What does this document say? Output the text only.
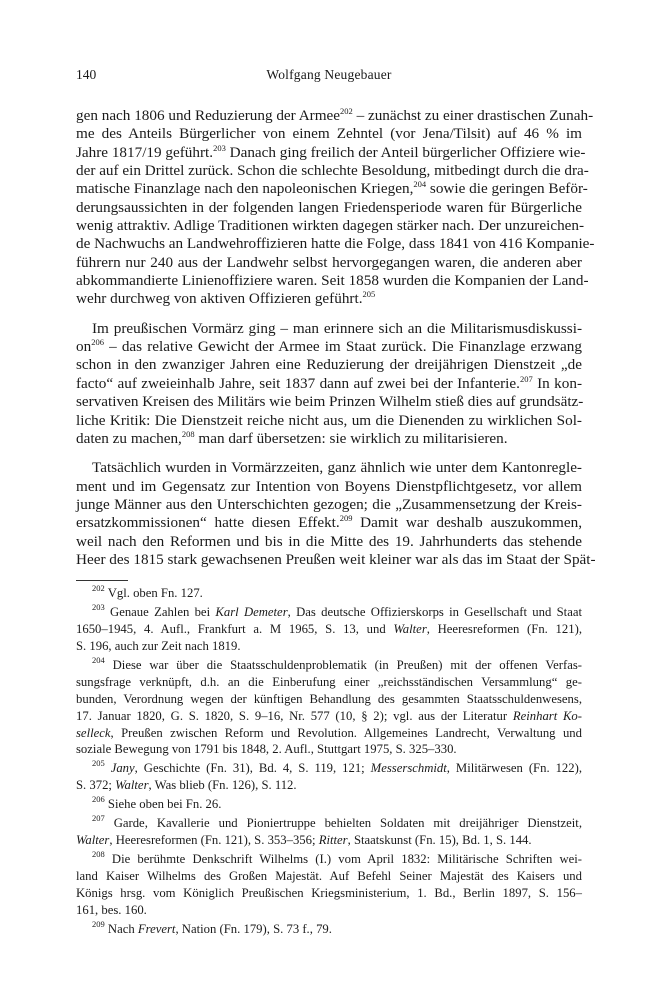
140	Wolfgang Neugebauer
gen nach 1806 und Reduzierung der Armee$^{202}$ – zunächst zu einer drastischen Zunah-
me des Anteils Bürgerlicher von einem Zehntel (vor Jena/Tilsit) auf 46 % im
Jahre 1817/19 geführt.$^{203}$ Danach ging freilich der Anteil bürgerlicher Offiziere wie-
der auf ein Drittel zurück. Schon die schlechte Besoldung, mitbedingt durch die dra-
matische Finanzlage nach den napoleonischen Kriegen,$^{204}$ sowie die geringen Beför-
derungsaussichten in der folgenden langen Friedensperiode waren für Bürgerliche
wenig attraktiv. Adlige Traditionen wirkten dagegen stärker nach. Der unzureichen-
de Nachwuchs an Landwehroffizieren hatte die Folge, dass 1841 von 416 Kompanie-
führern nur 240 aus der Landwehr selbst hervorgegangen waren, die anderen aber
abkommandierte Linienoffiziere waren. Seit 1858 wurden die Kompanien der Land-
wehr durchweg von aktiven Offizieren geführt.$^{205}$
Im preußischen Vormärz ging – man erinnere sich an die Militarismusdiskussi-
$on^{206}$ – das relative Gewicht der Armee im Staat zurück. Die Finanzlage erzwang
schon in den zwanziger Jahren eine Reduzierung der dreijährigen Dienstzeit „de
facto“ auf zweieinhalb Jahre, seit 1837 dann auf zwei bei der Infanterie.$^{207}$ In kon-
servativen Kreisen des Militärs wie beim Prinzen Wilhelm stieß dies auf grundsätz-
liche Kritik: Die Dienstzeit reiche nicht aus, um die Dienenden zu wirklichen Sol-
daten zu machen,$^{208}$ man darf übersetzen: sie wirklich zu militarisieren.
Tatsächlich wurden in Vormärzzeiten, ganz ähnlich wie unter dem Kantonregle-
ment und im Gegensatz zur Intention von Boyens Dienstpflichtgesetz, vor allem
junge Männer aus den Unterschichten gezogen; die „Zusammensetzung der Kreis-
ersatzkommissionen“ hatte diesen Effekt.$^{209}$ Damit war deshalb auszukommen,
weil nach den Reformen und bis in die Mitte des 19. Jahrhunderts das stehende
Heer des 1815 stark gewachsenen Preußen weit kleiner war als das im Staat der Spät-
$^{202}$ Vgl. oben Fn. 127.
$^{203}$ Genaue Zahlen bei Karl Demeter, Das deutsche Offizierskorps in Gesellschaft und Staat
1650–1945, 4. Aufl., Frankfurt a. M 1965, S. 13, und Walter, Heeresreformen (Fn. 121),
S. 196, auch zur Zeit nach 1819.
$^{204}$ Diese war über die Staatsschuldenproblematik (in Preußen) mit der offenen Verfas-
sungsfrage verknüpft, d.h. an die Einberufung einer „reichsständischen Versammlung“ ge-
bunden, Verordnung wegen der künftigen Behandlung des gesammten Staatsschuldenwesens,
17. Januar 1820, G. S. 1820, S. 9–16, Nr. 577 (10, § 2); vgl. aus der Literatur Reinhart Ko-
selleck, Preußen zwischen Reform und Revolution. Allgemeines Landrecht, Verwaltung und
soziale Bewegung von 1791 bis 1848, 2. Aufl., Stuttgart 1975, S. 325–330.
$^{205}$ Jany, Geschichte (Fn. 31), Bd. 4, S. 119, 121; Messerschmidt, Militärwesen (Fn. 122),
S. 372; Walter, Was blieb (Fn. 126), S. 112.
$^{206}$ Siehe oben bei Fn. 26.
$^{207}$ Garde, Kavallerie und Pioniertruppe behielten Soldaten mit dreijähriger Dienstzeit,
Walter, Heeresreformen (Fn. 121), S. 353–356; Ritter, Staatskunst (Fn. 15), Bd. 1, S. 144.
$^{208}$ Die berühmte Denkschrift Wilhelms (I.) vom April 1832: Militärische Schriften wei-
land Kaiser Wilhelms des Großen Majestät. Auf Befehl Seiner Majestät des Kaisers und
Königs hrsg. vom Königlich Preußischen Kriegsministerium, 1. Bd., Berlin 1897, S. 156–
161, bes. 160.
$^{209}$ Nach Frevert, Nation (Fn. 179), S. 73 f., 79.
